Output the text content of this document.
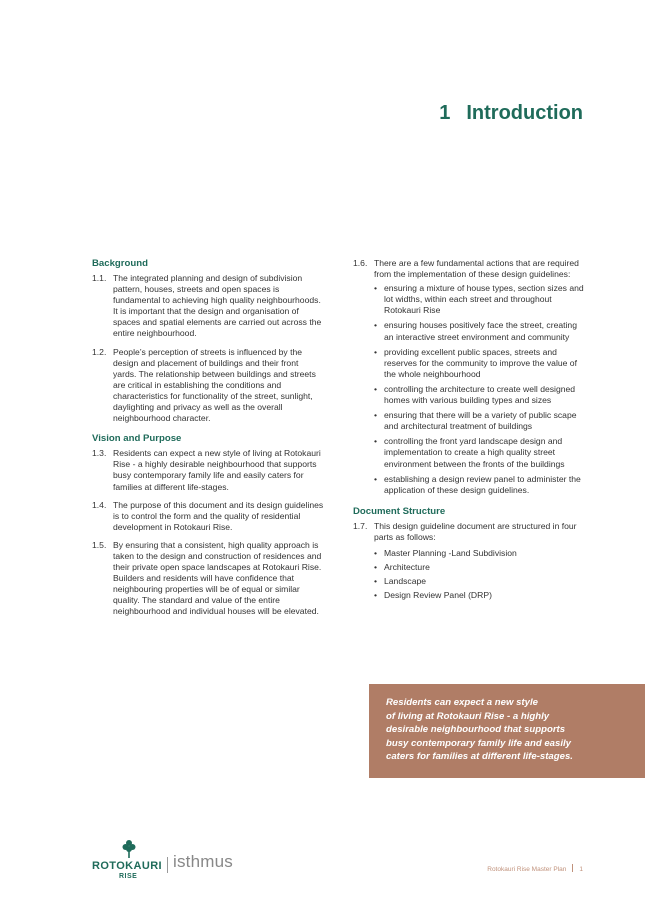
1 Introduction
Background
1.1. The integrated planning and design of subdivision pattern, houses, streets and open spaces is fundamental to achieving high quality neighbourhoods. It is important that the design and organisation of spaces and spatial elements are carried out across the entire neighbourhood.
1.2. People’s perception of streets is influenced by the design and placement of buildings and their front yards. The relationship between buildings and streets are critical in establishing the conditions and characteristics for functionality of the street, sunlight, daylighting and privacy as well as the overall neighbourhood character.
Vision and Purpose
1.3. Residents can expect a new style of living at Rotokauri Rise - a highly desirable neighbourhood that supports busy contemporary family life and easily caters for families at different life-stages.
1.4. The purpose of this document and its design guidelines is to control the form and the quality of residential development in Rotokauri Rise.
1.5. By ensuring that a consistent, high quality approach is taken to the design and construction of residences and their private open space landscapes at Rotokauri Rise. Builders and residents will have confidence that neighbouring properties will be of equal or similar quality. The standard and value of the entire neighbourhood and individual houses will be elevated.
1.6. There are a few fundamental actions that are required from the implementation of these design guidelines:
• ensuring a mixture of house types, section sizes and lot widths, within each street and throughout Rotokauri Rise
• ensuring houses positively face the street, creating an interactive street environment and community
• providing excellent public spaces, streets and reserves for the community to improve the value of the whole neighbourhood
• controlling the architecture to create well designed homes with various building types and sizes
• ensuring that there will be a variety of public scape and architectural treatment of buildings
• controlling the front yard landscape design and implementation to create a high quality street environment between the fronts of the buildings
• establishing a design review panel to administer the application of these design guidelines.
Document Structure
1.7. This design guideline document are structured in four parts as follows:
• Master Planning -Land Subdivision
• Architecture
• Landscape
• Design Review Panel (DRP)
Residents can expect a new style
of living at Rotokauri Rise - a highly
desirable neighbourhood that supports
busy contemporary family life and easily
caters for families at different life-stages.
ROTOKAURI
RISE
isthmus	Rotokauri Rise Master Plan 1
